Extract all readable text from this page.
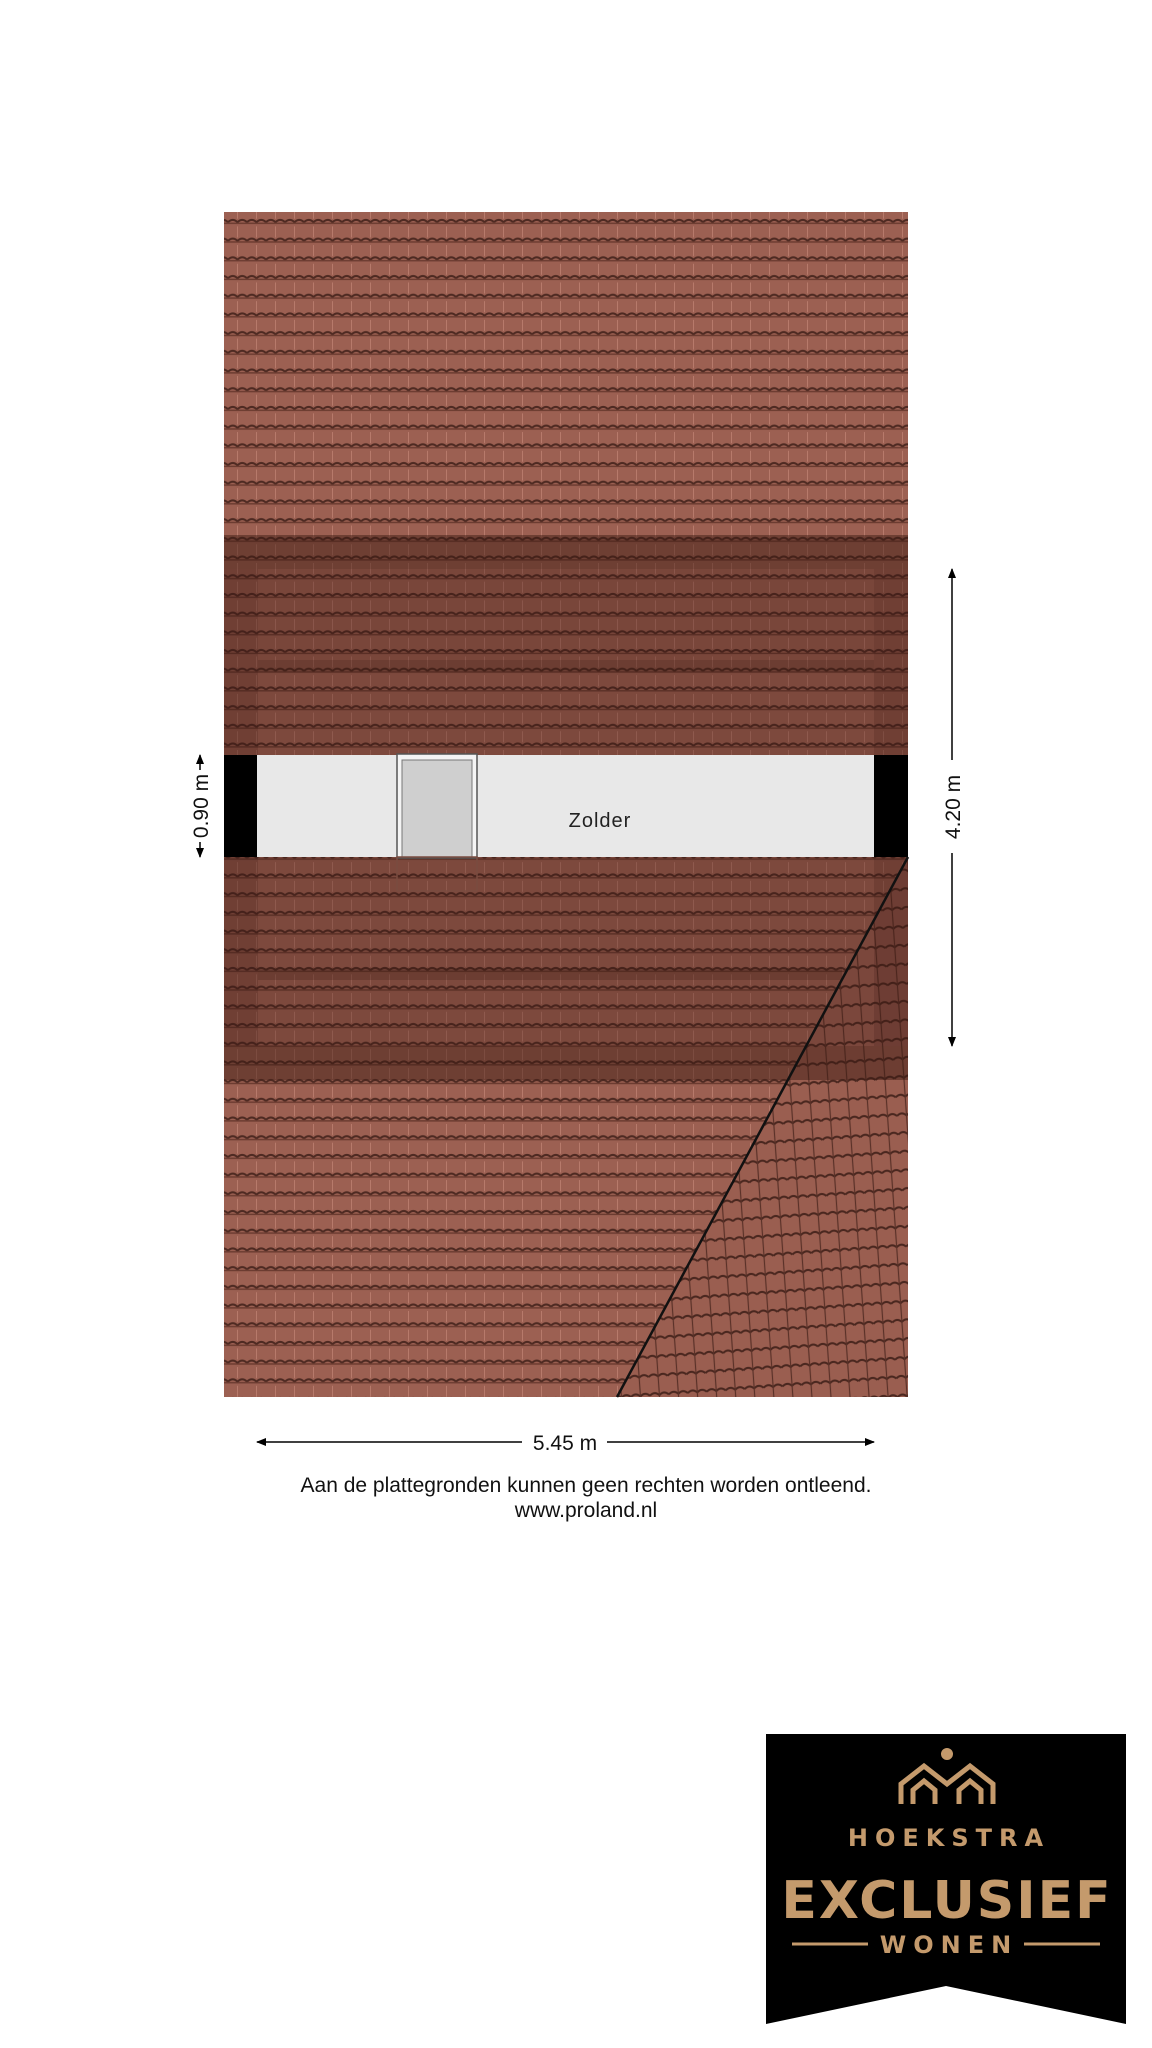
Zolder
5.45 m
4.20 m
0.90 m
Aan de plattegronden kunnen geen rechten worden ontleend.
www.proland.nl
HOEKSTRA
EXCLUSIEF
WONEN
